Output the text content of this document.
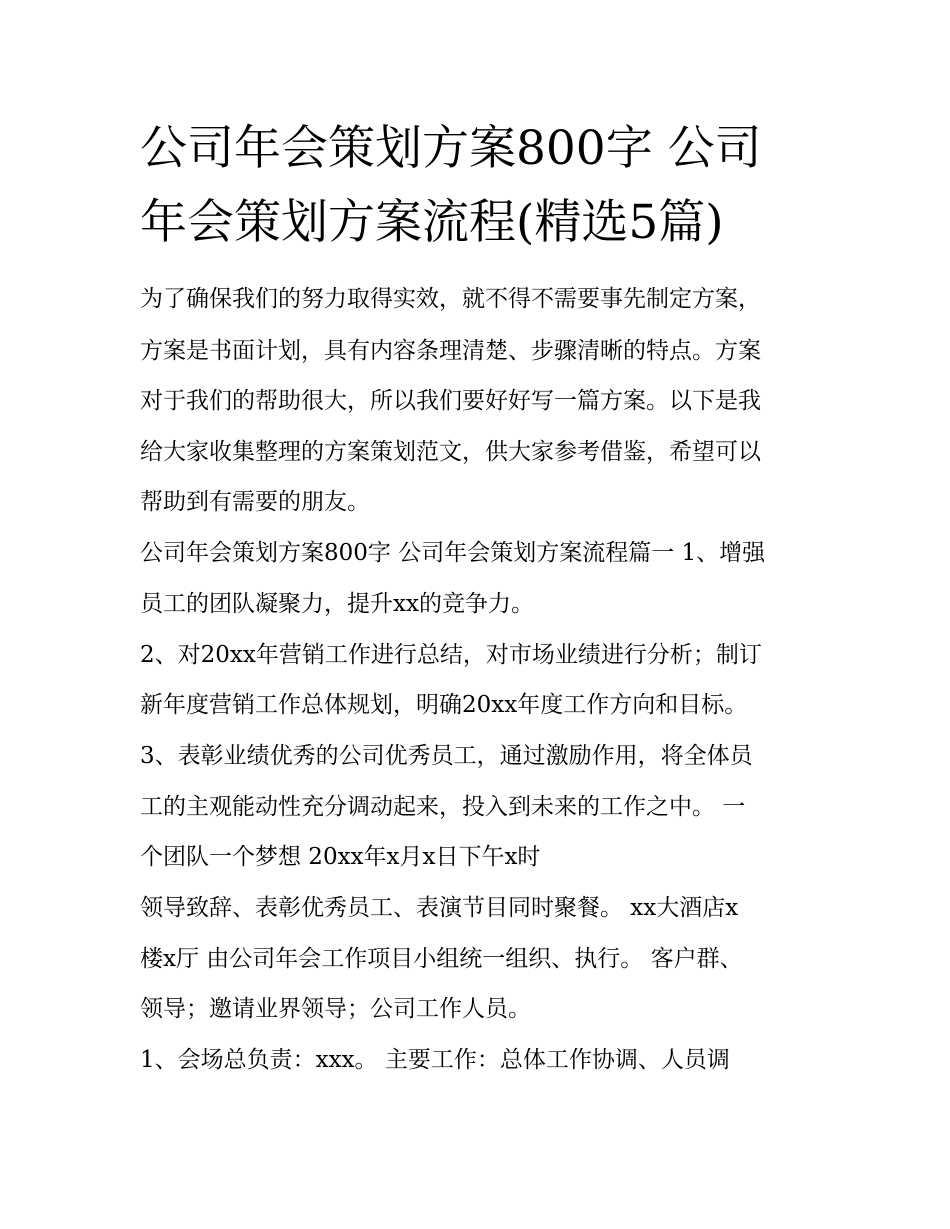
公司年会策划方案800字 公司
年会策划方案流程(精选5篇)
为了确保我们的努力取得实效，就不得不需要事先制定方案，
方案是书面计划，具有内容条理清楚、步骤清晰的特点。方案
对于我们的帮助很大，所以我们要好好写一篇方案。以下是我
给大家收集整理的方案策划范文，供大家参考借鉴，希望可以
帮助到有需要的朋友。
公司年会策划方案800字 公司年会策划方案流程篇一 1、增强
员工的团队凝聚力，提升xx的竞争力。
2、对20xx年营销工作进行总结，对市场业绩进行分析；制订
新年度营销工作总体规划，明确20xx年度工作方向和目标。
3、表彰业绩优秀的公司优秀员工，通过激励作用，将全体员
工的主观能动性充分调动起来，投入到未来的工作之中。 一
个团队一个梦想 20xx年x月x日下午x时
领导致辞、表彰优秀员工、表演节目同时聚餐。 xx大酒店x
楼x厅 由公司年会工作项目小组统一组织、执行。 客户群、
领导；邀请业界领导；公司工作人员。
1、会场总负责：xxx。 主要工作：总体工作协调、人员调
